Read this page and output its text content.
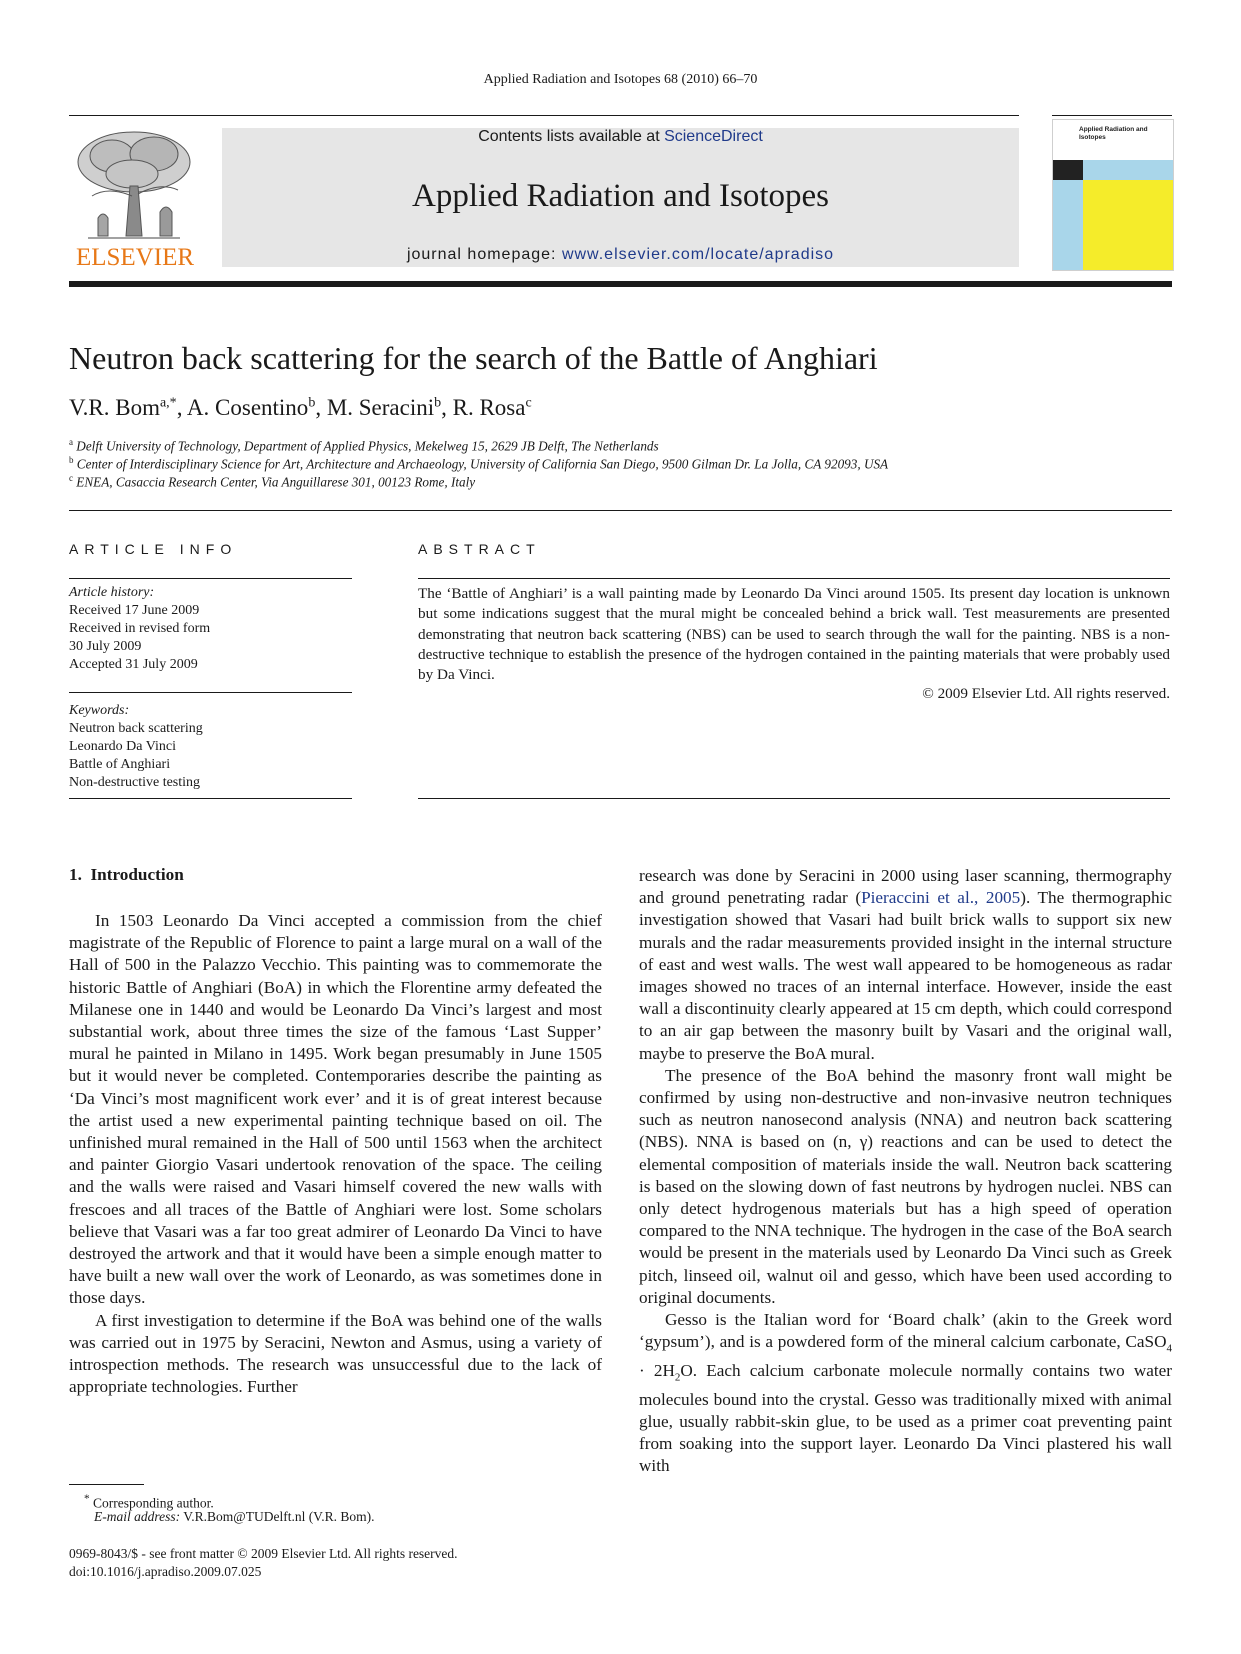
Applied Radiation and Isotopes 68 (2010) 66–70
ELSEVIER
Contents lists available at ScienceDirect
Applied Radiation and Isotopes
journal homepage: www.elsevier.com/locate/apradiso
Applied Radiation and Isotopes
Neutron back scattering for the search of the Battle of Anghiari
V.R. Bom$^{a,*}$, A. Cosentino$^b$, M. Seracini$^b$, R. Rosa$^c$
$^a$ Delft University of Technology, Department of Applied Physics, Mekelweg 15, 2629 JB Delft, The Netherlands
$^b$ Center of Interdisciplinary Science for Art, Architecture and Archaeology, University of California San Diego, 9500 Gilman Dr. La Jolla, CA 92093, USA
$^c$ ENEA, Casaccia Research Center, Via Anguillarese 301, 00123 Rome, Italy
ARTICLE INFO
Article history:
Received 17 June 2009
Received in revised form
30 July 2009
Accepted 31 July 2009
Keywords:
Neutron back scattering
Leonardo Da Vinci
Battle of Anghiari
Non-destructive testing
ABSTRACT
The ‘Battle of Anghiari’ is a wall painting made by Leonardo Da Vinci around 1505. Its present day location is unknown but some indications suggest that the mural might be concealed behind a brick wall. Test measurements are presented demonstrating that neutron back scattering (NBS) can be used to search through the wall for the painting. NBS is a non-destructive technique to establish the presence of the hydrogen contained in the painting materials that were probably used by Da Vinci.
© 2009 Elsevier Ltd. All rights reserved.
1.  Introduction

In 1503 Leonardo Da Vinci accepted a commission from the chief magistrate of the Republic of Florence to paint a large mural on a wall of the Hall of 500 in the Palazzo Vecchio. This painting was to commemorate the historic Battle of Anghiari (BoA) in which the Florentine army defeated the Milanese one in 1440 and would be Leonardo Da Vinci’s largest and most substantial work, about three times the size of the famous ‘Last Supper’ mural he painted in Milano in 1495. Work began presumably in June 1505 but it would never be completed. Contemporaries describe the painting as ‘Da Vinci’s most magnificent work ever’ and it is of great interest because the artist used a new experimental painting technique based on oil. The unfinished mural remained in the Hall of 500 until 1563 when the architect and painter Giorgio Vasari undertook renovation of the space. The ceiling and the walls were raised and Vasari himself covered the new walls with frescoes and all traces of the Battle of Anghiari were lost. Some scholars believe that Vasari was a far too great admirer of Leonardo Da Vinci to have destroyed the artwork and that it would have been a simple enough matter to have built a new wall over the work of Leonardo, as was sometimes done in those days.

A first investigation to determine if the BoA was behind one of the walls was carried out in 1975 by Seracini, Newton and Asmus, using a variety of introspection methods. The research was unsuccessful due to the lack of appropriate technologies. Further

research was done by Seracini in 2000 using laser scanning, thermography and ground penetrating radar (Pieraccini et al., 2005). The thermographic investigation showed that Vasari had built brick walls to support six new murals and the radar measurements provided insight in the internal structure of east and west walls. The west wall appeared to be homogeneous as radar images showed no traces of an internal interface. However, inside the east wall a discontinuity clearly appeared at 15 cm depth, which could correspond to an air gap between the masonry built by Vasari and the original wall, maybe to preserve the BoA mural.

The presence of the BoA behind the masonry front wall might be confirmed by using non-destructive and non-invasive neutron techniques such as neutron nanosecond analysis (NNA) and neutron back scattering (NBS). NNA is based on (n, γ) reactions and can be used to detect the elemental composition of materials inside the wall. Neutron back scattering is based on the slowing down of fast neutrons by hydrogen nuclei. NBS can only detect hydrogenous materials but has a high speed of operation compared to the NNA technique. The hydrogen in the case of the BoA search would be present in the materials used by Leonardo Da Vinci such as Greek pitch, linseed oil, walnut oil and gesso, which have been used according to original documents.

Gesso is the Italian word for ‘Board chalk’ (akin to the Greek word ‘gypsum’), and is a powdered form of the mineral calcium carbonate, CaSO$_4$ · $2H_2O$. Each calcium carbonate molecule normally contains two water molecules bound into the crystal. Gesso was traditionally mixed with animal glue, usually rabbit-skin glue, to be used as a primer coat preventing paint from soaking into the support layer. Leonardo Da Vinci plastered his wall with

* Corresponding author.
E-mail address: V.R.Bom@TUDelft.nl (V.R. Bom).
0969-8043/$ - see front matter © 2009 Elsevier Ltd. All rights reserved.
doi:10.1016/j.apradiso.2009.07.025
